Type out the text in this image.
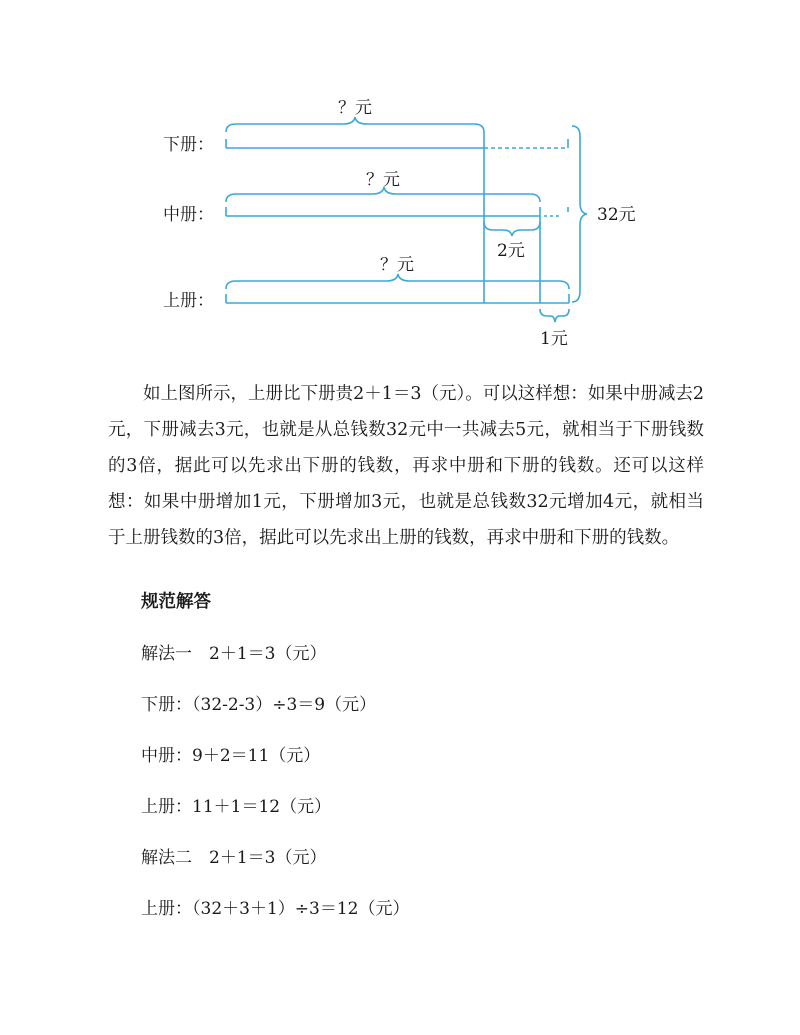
下册：
中册：
上册：
？元
？元
？元
2元
1元
32元

如上图所示，上册比下册贵2＋1＝3（元）。可以这样想：如果中册减去2元，下册减去3元，也就是从总钱数32元中一共减去5元，就相当于下册钱数的3倍，据此可以先求出下册的钱数，再求中册和下册的钱数。还可以这样想：如果中册增加1元，下册增加3元，也就是总钱数32元增加4元，就相当于上册钱数的3倍，据此可以先求出上册的钱数，再求中册和下册的钱数。

规范解答

解法一　2＋1＝3（元）

下册：（32-2-3）÷3＝9（元）

中册：9＋2＝11（元）

上册：11＋1＝12（元）

解法二　2＋1＝3（元）

上册：（32＋3＋1）÷3＝12（元）
